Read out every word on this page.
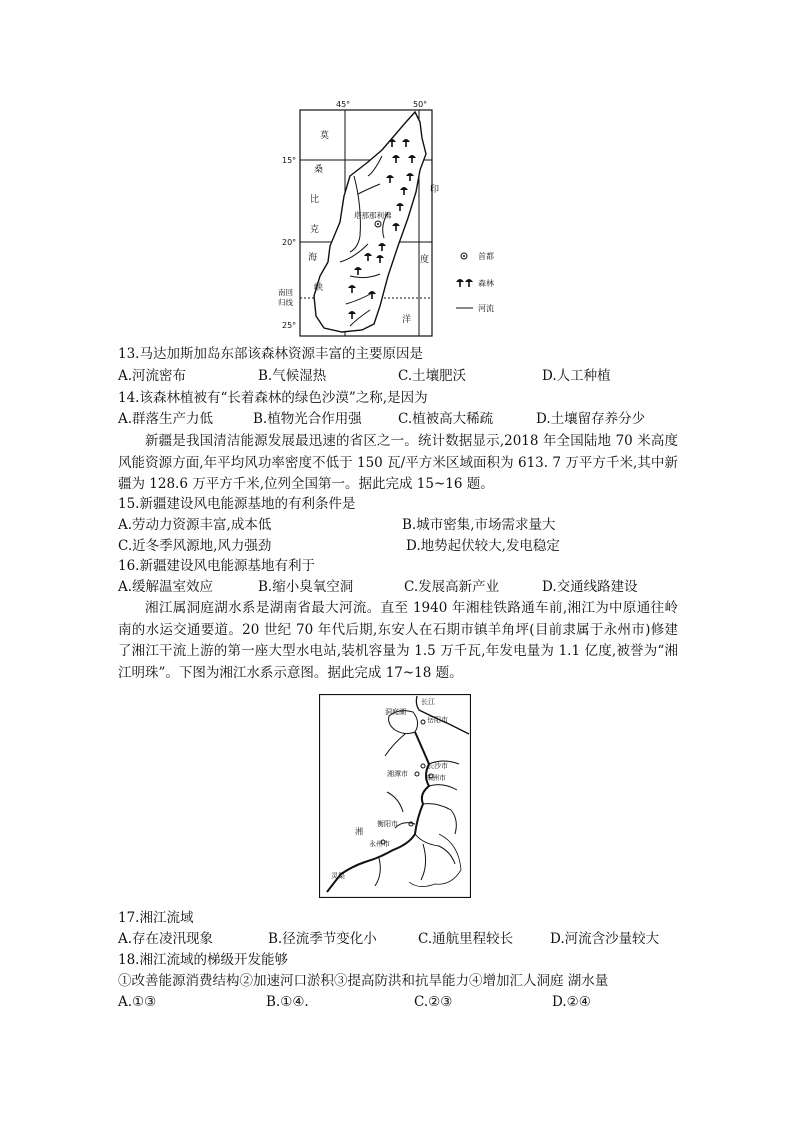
45°	50°
15°
20°
25°
南回
归线
塔那那利佛
莫
桑
比
克
海
峡
印
度
洋
首都
森林
河流
13.马达加斯加岛东部该森林资源丰富的主要原因是
A.河流密布	B.气候湿热	C.土壤肥沃	D.人工种植
14.该森林植被有“长着森林的绿色沙漠”之称,是因为
A.群落生产力低	B.植物光合作用强	C.植被高大稀疏	D.土壤留存养分少
新疆是我国清洁能源发展最迅速的省区之一。统计数据显示,2018 年全国陆地 70 米高度风能资源方面,年平均风功率密度不低于 150 瓦/平方米区域面积为 613. 7 万平方千米,其中新疆为 128.6 万平方千米,位列全国第一。据此完成 15~16 题。
15.新疆建设风电能源基地的有利条件是
A.劳动力资源丰富,成本低	B.城市密集,市场需求量大
C.近冬季风源地,风力强劲	D.地势起伏较大,发电稳定
16.新疆建设风电能源基地有利于
A.缓解温室效应	B.缩小臭氧空洞	C.发展高新产业	D.交通线路建设
湘江属洞庭湖水系是湖南省最大河流。直至 1940 年湘桂铁路通车前,湘江为中原通往岭南的水运交通要道。20 世纪 70 年代后期,东安人在石期市镇羊角坪(目前隶属于永州市)修建了湘江干流上游的第一座大型水电站,装机容量为 1.5 万千瓦,年发电量为 1.1 亿度,被誉为“湘江明珠”。下图为湘江水系示意图。据此完成 17~18 题。
长江
洞庭湖
岳阳市
湘潭市
长沙市
株洲市
衡阳市
湘
永州市
灵渠
17.湘江流域
A.存在凌汛现象	B.径流季节变化小	C.通航里程较长	D.河流含沙量较大
18.湘江流域的梯级开发能够
①改善能源消费结构②加速河口淤积③提高防洪和抗旱能力④增加汇人洞庭 湖水量
A.①③	B.①④.	C.②③	D.②④
